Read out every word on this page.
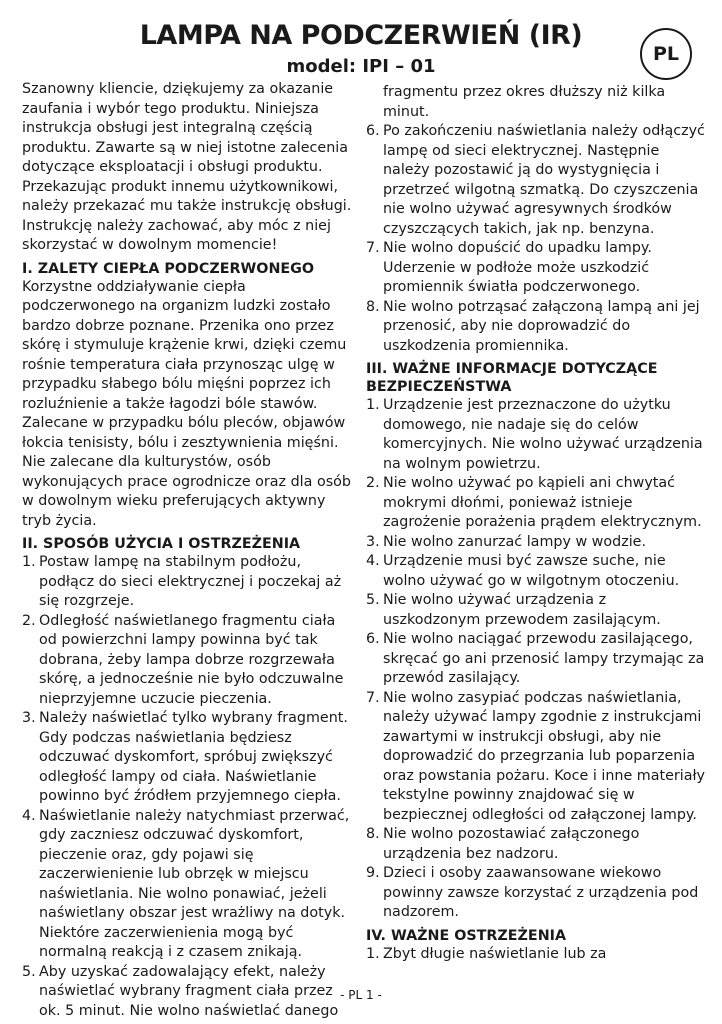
LAMPA NA PODCZERWIEŃ (IR)
model: IPI – 01
PL

Szanowny kliencie, dziękujemy za okazanie zaufania i wybór tego produktu. Niniejsza instrukcja obsługi jest integralną częścią produktu. Zawarte są w niej istotne zalecenia dotyczące eksploatacji i obsługi produktu. Przekazując produkt innemu użytkownikowi, należy przekazać mu także instrukcję obsługi. Instrukcję należy zachować, aby móc z niej skorzystać w dowolnym momencie!

I. ZALETY CIEPŁA PODCZERWONEGO

Korzystne oddziaływanie ciepła podczerwonego na organizm ludzki zostało bardzo dobrze poznane. Przenika ono przez skórę i stymuluje krążenie krwi, dzięki czemu rośnie temperatura ciała przynosząc ulgę w przypadku słabego bólu mięśni poprzez ich rozluźnienie a także łagodzi bóle stawów. Zalecane w przypadku bólu pleców, objawów łokcia tenisisty, bólu i zesztywnienia mięśni. Nie zalecane dla kulturystów, osób wykonujących prace ogrodnicze oraz dla osób w dowolnym wieku preferujących aktywny tryb życia.

II. SPOSÓB UŻYCIA I OSTRZEŻENIA
1. Postaw lampę na stabilnym podłożu, podłącz do sieci elektrycznej i poczekaj aż się rozgrzeje.
2. Odległość naświetlanego fragmentu ciała od powierzchni lampy powinna być tak dobrana, żeby lampa dobrze rozgrzewała skórę, a jednocześnie nie było odczuwalne nieprzyjemne uczucie pieczenia.
3. Należy naświetlać tylko wybrany fragment. Gdy podczas naświetlania będziesz odczuwać dyskomfort, spróbuj zwiększyć odległość lampy od ciała. Naświetlanie powinno być źródłem przyjemnego ciepła.
4. Naświetlanie należy natychmiast przerwać, gdy zaczniesz odczuwać dyskomfort, pieczenie oraz, gdy pojawi się zaczerwienienie lub obrzęk w miejscu naświetlania. Nie wolno ponawiać, jeżeli naświetlany obszar jest wrażliwy na dotyk. Niektóre zaczerwienienia mogą być normalną reakcją i z czasem znikają.
5. Aby uzyskać zadowalający efekt, należy naświetlać wybrany fragment ciała przez ok. 5 minut. Nie wolno naświetlać danego

fragmentu przez okres dłuższy niż kilka minut.

6. Po zakończeniu naświetlania należy odłączyć lampę od sieci elektrycznej. Następnie należy pozostawić ją do wystygnięcia i przetrzeć wilgotną szmatką. Do czyszczenia nie wolno używać agresywnych środków czyszczących takich, jak np. benzyna.
7. Nie wolno dopuścić do upadku lampy. Uderzenie w podłoże może uszkodzić promiennik światła podczerwonego.
8. Nie wolno potrząsać załączoną lampą ani jej przenosić, aby nie doprowadzić do uszkodzenia promiennika.
III. WAŻNE INFORMACJE DOTYCZĄCE BEZPIECZEŃSTWA
1. Urządzenie jest przeznaczone do użytku domowego, nie nadaje się do celów komercyjnych. Nie wolno używać urządzenia na wolnym powietrzu.
2. Nie wolno używać po kąpieli ani chwytać mokrymi dłońmi, ponieważ istnieje zagrożenie porażenia prądem elektrycznym.
3. Nie wolno zanurzać lampy w wodzie.
4. Urządzenie musi być zawsze suche, nie wolno używać go w wilgotnym otoczeniu.
5. Nie wolno używać urządzenia z uszkodzonym przewodem zasilającym.
6. Nie wolno naciągać przewodu zasilającego, skręcać go ani przenosić lampy trzymając za przewód zasilający.
7. Nie wolno zasypiać podczas naświetlania, należy używać lampy zgodnie z instrukcjami zawartymi w instrukcji obsługi, aby nie doprowadzić do przegrzania lub poparzenia oraz powstania pożaru. Koce i inne materiały tekstylne powinny znajdować się w bezpiecznej odległości od załączonej lampy.
8. Nie wolno pozostawiać załączonego urządzenia bez nadzoru.
9. Dzieci i osoby zaawansowane wiekowo powinny zawsze korzystać z urządzenia pod nadzorem.
IV. WAŻNE OSTRZEŻENIA
1. Zbyt długie naświetlanie lub za
- PL 1 -
